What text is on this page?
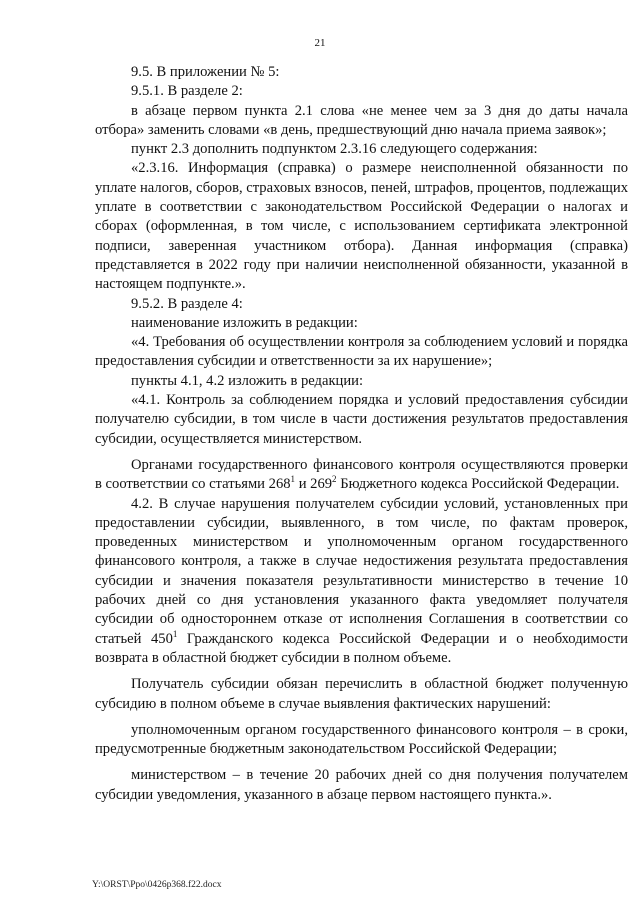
21

9.5. В приложении № 5:

9.5.1. В разделе 2:

в абзаце первом пункта 2.1 слова «не менее чем за 3 дня до даты начала отбора» заменить словами «в день, предшествующий дню начала приема заявок»;

пункт 2.3 дополнить подпунктом 2.3.16 следующего содержания:

«2.3.16. Информация (справка) о размере неисполненной обязанности по уплате налогов, сборов, страховых взносов, пеней, штрафов, процентов, подлежащих уплате в соответствии с законодательством Российской Федерации о налогах и сборах (оформленная, в том числе, с использованием сертификата электронной подписи, заверенная участником отбора). Данная информация (справка) представляется в 2022 году при наличии неисполненной обязанности, указанной в настоящем подпункте.».

9.5.2. В разделе 4:

наименование изложить в редакции:

«4. Требования об осуществлении контроля за соблюдением условий и порядка предоставления субсидии и ответственности за их нарушение»;

пункты 4.1, 4.2 изложить в редакции:

«4.1. Контроль за соблюдением порядка и условий предоставления субсидии получателю субсидии, в том числе в части достижения результатов предоставления субсидии, осуществляется министерством.

Органами государственного финансового контроля осуществляются проверки в соответствии со статьями 268$^1$ и 269$^2$ Бюджетного кодекса Российской Федерации.

4.2. В случае нарушения получателем субсидии условий, установленных при предоставлении субсидии, выявленного, в том числе, по фактам проверок, проведенных министерством и уполномоченным органом государственного финансового контроля, а также в случае недостижения результата предоставления субсидии и значения показателя результативности министерство в течение 10 рабочих дней со дня установления указанного факта уведомляет получателя субсидии об одностороннем отказе от исполнения Соглашения в соответствии со статьей 450$^1$ Гражданского кодекса Российской Федерации и о необходимости возврата в областной бюджет субсидии в полном объеме.

Получатель субсидии обязан перечислить в областной бюджет полученную субсидию в полном объеме в случае выявления фактических нарушений:

уполномоченным органом государственного финансового контроля – в сроки, предусмотренные бюджетным законодательством Российской Федерации;

министерством – в течение 20 рабочих дней со дня получения получателем субсидии уведомления, указанного в абзаце первом настоящего пункта.».

Y:\ORST\Ppo\0426p368.f22.docx
